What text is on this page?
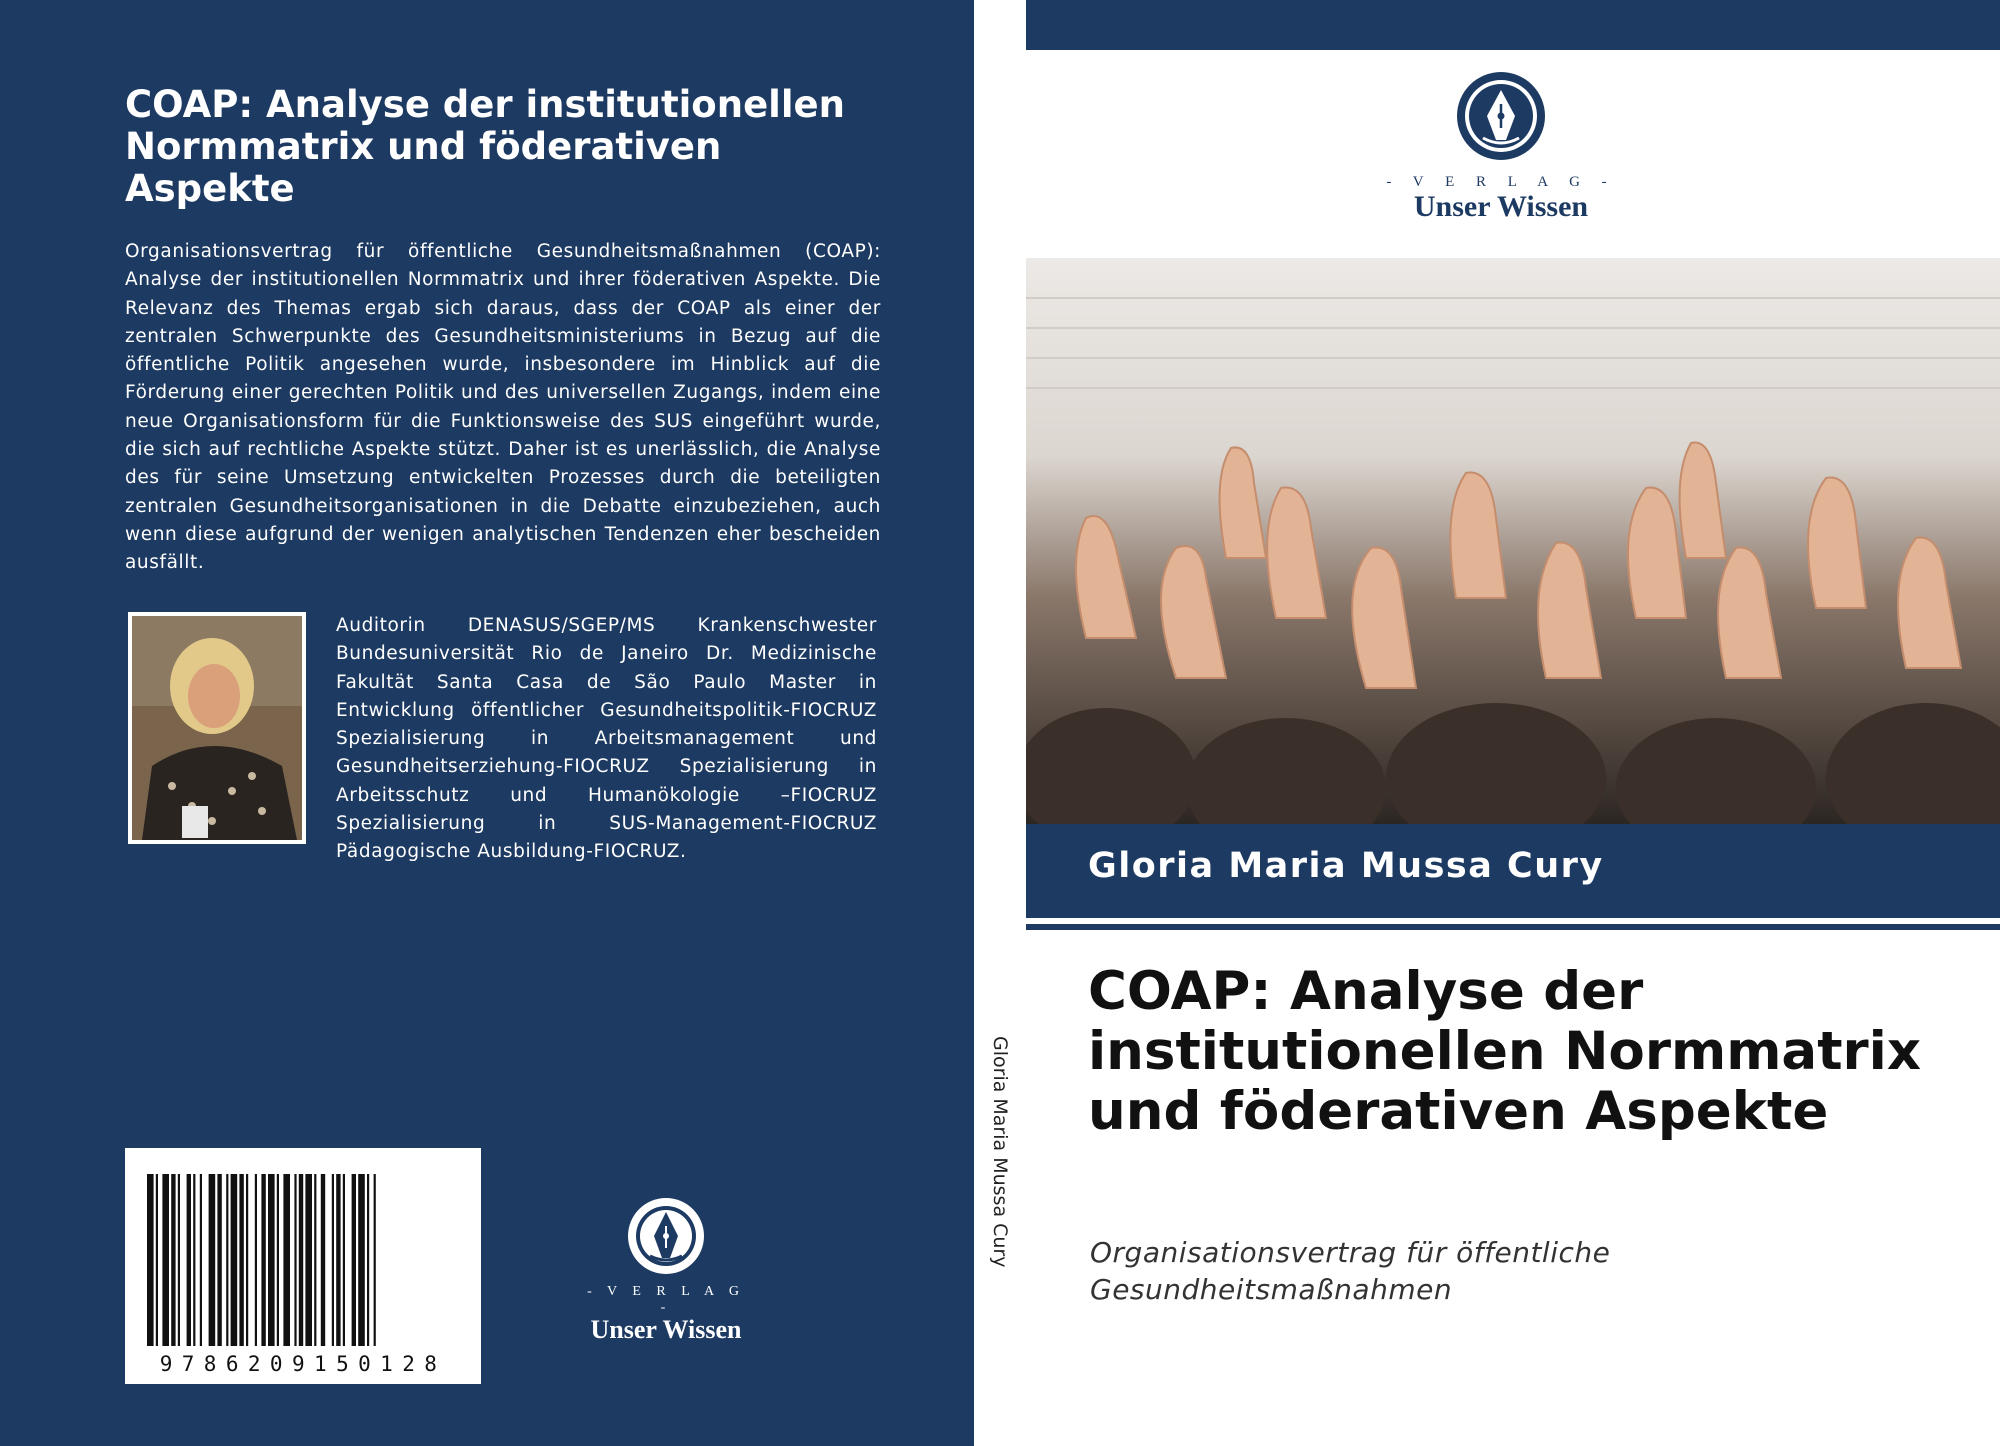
COAP: Analyse der institutionellen Normmatrix und föderativen Aspekte

Organisationsvertrag für öffentliche Gesundheitsmaßnahmen (COAP): Analyse der institutionellen Normmatrix und ihrer föderativen Aspekte. Die Relevanz des Themas ergab sich daraus, dass der COAP als einer der zentralen Schwerpunkte des Gesundheitsministeriums in Bezug auf die öffentliche Politik angesehen wurde, insbesondere im Hinblick auf die Förderung einer gerechten Politik und des universellen Zugangs, indem eine neue Organisationsform für die Funktionsweise des SUS eingeführt wurde, die sich auf rechtliche Aspekte stützt. Daher ist es unerlässlich, die Analyse des für seine Umsetzung entwickelten Prozesses durch die beteiligten zentralen Gesundheitsorganisationen in die Debatte einzubeziehen, auch wenn diese aufgrund der wenigen analytischen Tendenzen eher bescheiden ausfällt.

Auditorin DENASUS/SGEP/MS Krankenschwester Bundesuniversität Rio de Janeiro Dr. Medizinische Fakultät Santa Casa de São Paulo Master in Entwicklung öffentlicher Gesundheitspolitik-FIOCRUZ Spezialisierung in Arbeitsmanagement und Gesundheitserziehung-FIOCRUZ Spezialisierung in Arbeitsschutz und Humanökologie –FIOCRUZ Spezialisierung in SUS-Management-FIOCRUZ Pädagogische Ausbildung-FIOCRUZ.

9786209150128
- V E R L A G -
Unser Wissen
Gloria Maria Mussa Cury
- V E R L A G -
Unser Wissen

Gloria Maria Mussa Cury

COAP: Analyse der institutionellen Normmatrix und föderativen Aspekte

Organisationsvertrag für öffentliche Gesundheitsmaßnahmen
